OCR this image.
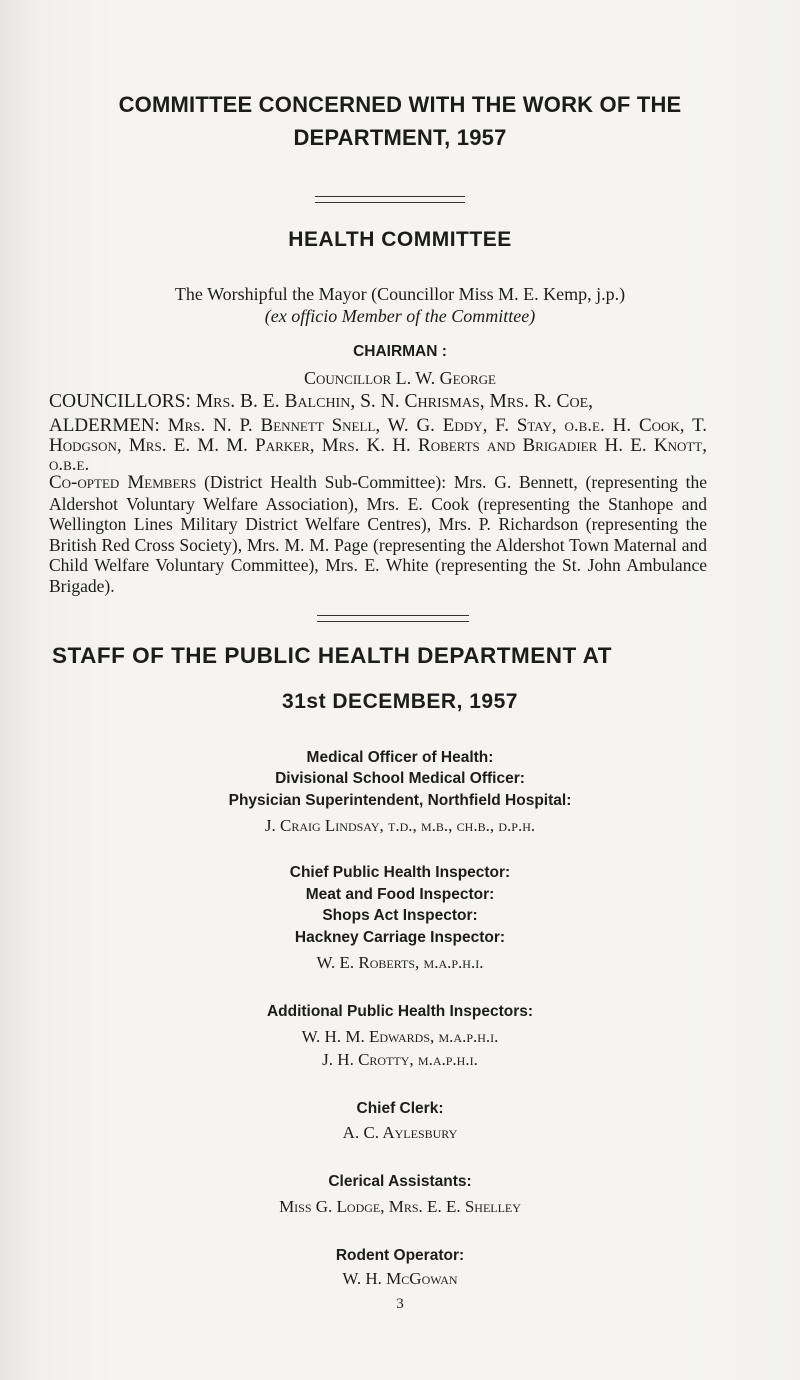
COMMITTEE CONCERNED WITH THE WORK OF THE
DEPARTMENT, 1957
HEALTH COMMITTEE
The Worshipful the Mayor (Councillor Miss M. E. Kemp, j.p.)
(ex officio Member of the Committee)
CHAIRMAN :
Councillor L. W. George
COUNCILLORS: Mrs. B. E. Balchin, S. N. Chrismas, Mrs. R. Coe,
ALDERMEN: Mrs. N. P. Bennett Snell, W. G. Eddy, F. Stay, o.b.e. H. Cook, T. Hodgson, Mrs. E. M. M. Parker, Mrs. K. H. Roberts and Brigadier H. E. Knott, o.b.e.
Co-opted Members (District Health Sub-Committee): Mrs. G. Bennett, (representing the Aldershot Voluntary Welfare Association), Mrs. E. Cook (representing the Stanhope and Wellington Lines Military District Welfare Centres), Mrs. P. Richardson (representing the British Red Cross Society), Mrs. M. M. Page (representing the Aldershot Town Maternal and Child Welfare Voluntary Committee), Mrs. E. White (representing the St. John Ambulance Brigade).
STAFF OF THE PUBLIC HEALTH DEPARTMENT AT
31st DECEMBER, 1957
Medical Officer of Health:
Divisional School Medical Officer:
Physician Superintendent, Northfield Hospital:
J. Craig Lindsay, t.d., m.b., ch.b., d.p.h.
Chief Public Health Inspector:
Meat and Food Inspector:
Shops Act Inspector:
Hackney Carriage Inspector:
W. E. Roberts, m.a.p.h.i.
Additional Public Health Inspectors:
W. H. M. Edwards, m.a.p.h.i.
J. H. Crotty, m.a.p.h.i.
Chief Clerk:
A. C. Aylesbury
Clerical Assistants:
Miss G. Lodge, Mrs. E. E. Shelley
Rodent Operator:
W. H. McGowan
3
